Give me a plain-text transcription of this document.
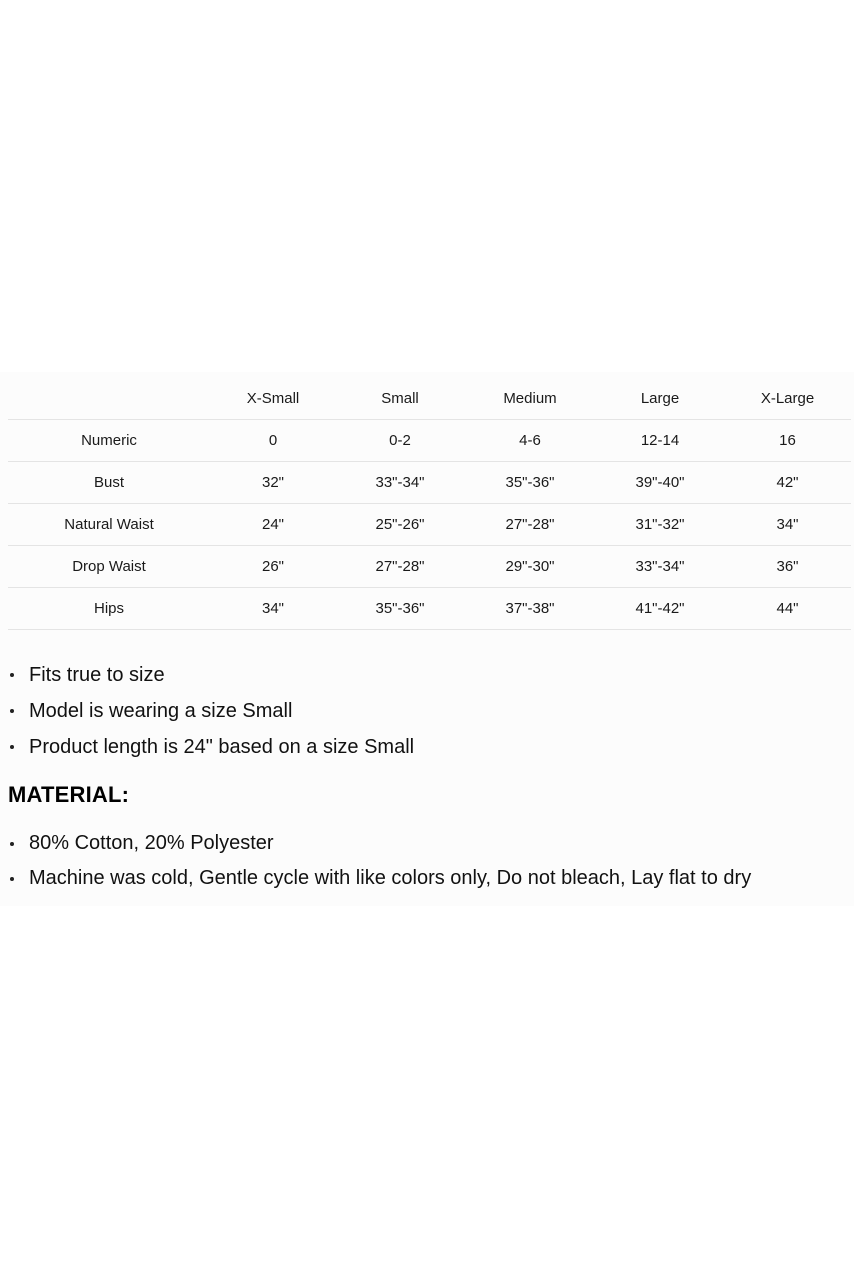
	X-Small	Small	Medium	Large	X-Large
Numeric	0	0-2	4-6	12-14	16
Bust	32"	33"-34"	35"-36"	39"-40"	42"
Natural Waist	24"	25"-26"	27"-28"	31"-32"	34"
Drop Waist	26"	27"-28"	29"-30"	33"-34"	36"
Hips	34"	35"-36"	37"-38"	41"-42"	44"
Fits true to size
Model is wearing a size Small
Product length is 24" based on a size Small
MATERIAL:
80% Cotton, 20% Polyester
Machine was cold, Gentle cycle with like colors only, Do not bleach, Lay flat to dry
